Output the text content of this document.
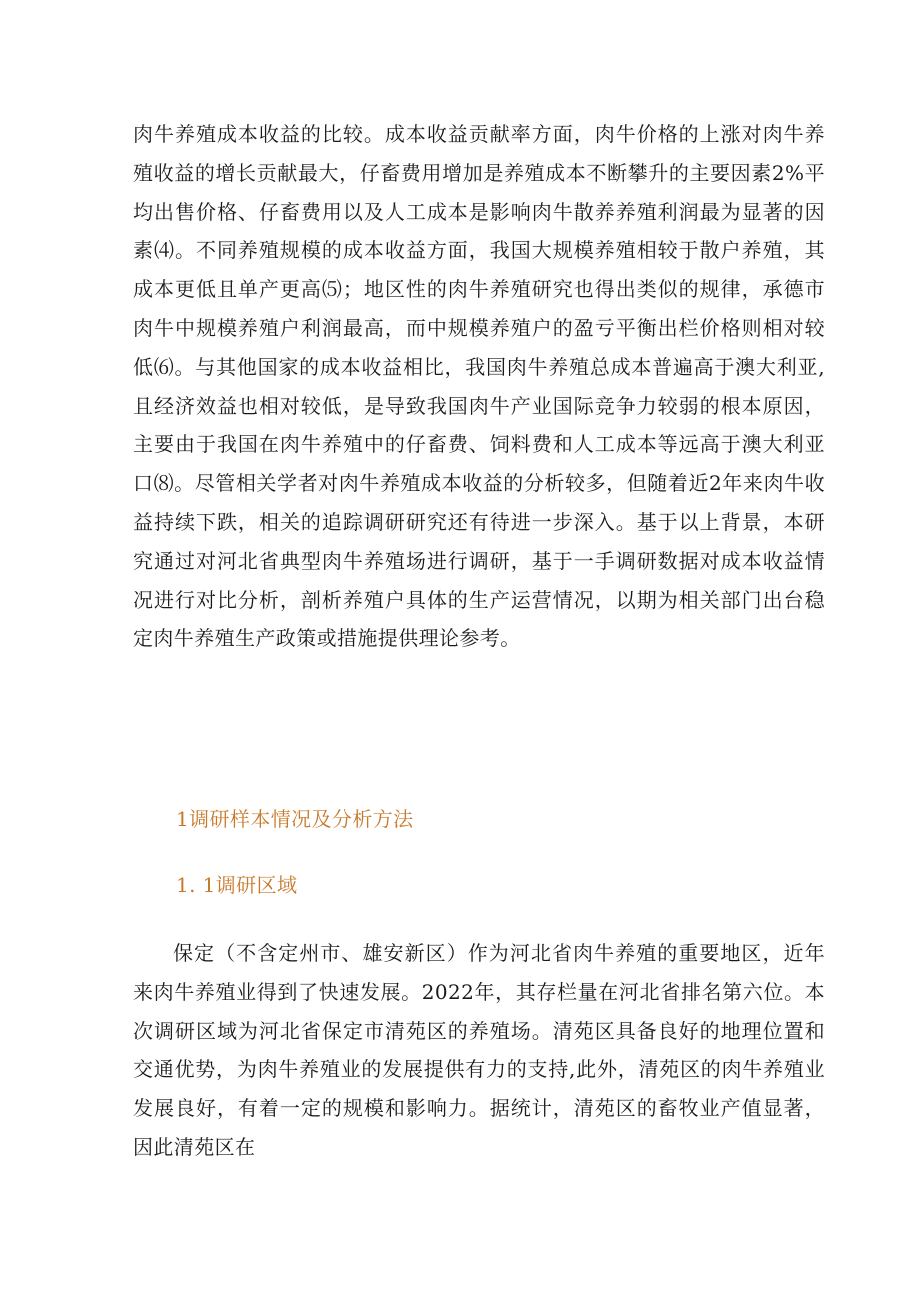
肉牛养殖成本收益的比较。成本收益贡献率方面，肉牛价格的上涨对肉牛养殖收益的增长贡献最大，仔畜费用增加是养殖成本不断攀升的主要因素2%平均出售价格、仔畜费用以及人工成本是影响肉牛散养养殖利润最为显著的因素⑷。不同养殖规模的成本收益方面，我国大规模养殖相较于散户养殖，其成本更低且单产更高⑸；地区性的肉牛养殖研究也得出类似的规律，承德市肉牛中规模养殖户利润最高，而中规模养殖户的盈亏平衡出栏价格则相对较低⑹。与其他国家的成本收益相比，我国肉牛养殖总成本普遍高于澳大利亚,且经济效益也相对较低，是导致我国肉牛产业国际竞争力较弱的根本原因，主要由于我国在肉牛养殖中的仔畜费、饲料费和人工成本等远高于澳大利亚口⑻。尽管相关学者对肉牛养殖成本收益的分析较多，但随着近2年来肉牛收益持续下跌，相关的追踪调研研究还有待进一步深入。基于以上背景，本研究通过对河北省典型肉牛养殖场进行调研，基于一手调研数据对成本收益情况进行对比分析，剖析养殖户具体的生产运营情况，以期为相关部门出台稳定肉牛养殖生产政策或措施提供理论参考。

1调研样本情况及分析方法
1. 1调研区域

保定（不含定州市、雄安新区）作为河北省肉牛养殖的重要地区，近年来肉牛养殖业得到了快速发展。2022年，其存栏量在河北省排名第六位。本次调研区域为河北省保定市清苑区的养殖场。清苑区具备良好的地理位置和交通优势，为肉牛养殖业的发展提供有力的支持,此外，清苑区的肉牛养殖业发展良好，有着一定的规模和影响力。据统计，清苑区的畜牧业产值显著，因此清苑区在
